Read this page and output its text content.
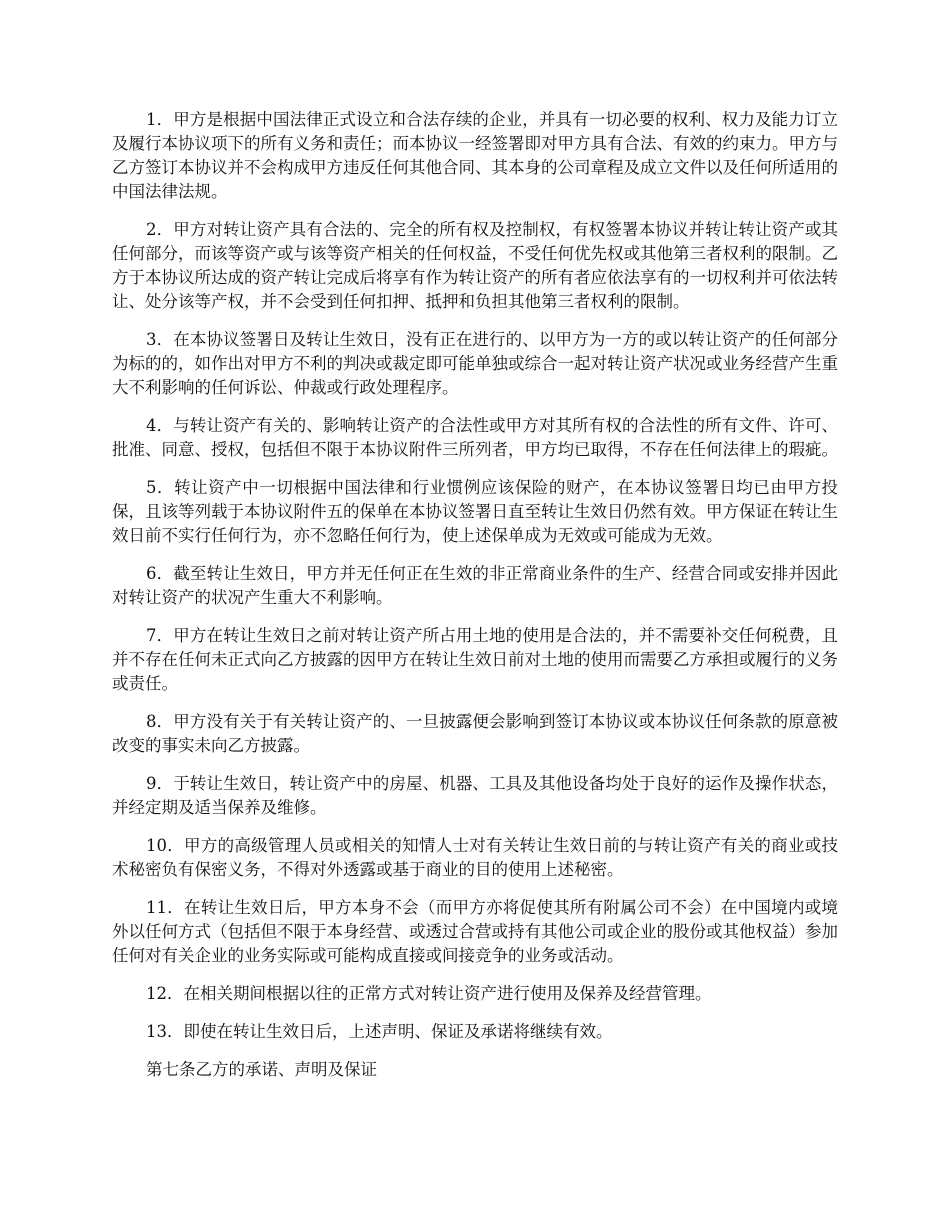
1．甲方是根据中国法律正式设立和合法存续的企业，并具有一切必要的权利、权力及能力订立及履行本协议项下的所有义务和责任；而本协议一经签署即对甲方具有合法、有效的约束力。甲方与乙方签订本协议并不会构成甲方违反任何其他合同、其本身的公司章程及成立文件以及任何所适用的中国法律法规。

2．甲方对转让资产具有合法的、完全的所有权及控制权，有权签署本协议并转让转让资产或其任何部分，而该等资产或与该等资产相关的任何权益，不受任何优先权或其他第三者权利的限制。乙方于本协议所达成的资产转让完成后将享有作为转让资产的所有者应依法享有的一切权利并可依法转让、处分该等产权，并不会受到任何扣押、抵押和负担其他第三者权利的限制。

3．在本协议签署日及转让生效日，没有正在进行的、以甲方为一方的或以转让资产的任何部分为标的的，如作出对甲方不利的判决或裁定即可能单独或综合一起对转让资产状况或业务经营产生重大不利影响的任何诉讼、仲裁或行政处理程序。

4．与转让资产有关的、影响转让资产的合法性或甲方对其所有权的合法性的所有文件、许可、批准、同意、授权，包括但不限于本协议附件三所列者，甲方均已取得，不存在任何法律上的瑕疵。

5．转让资产中一切根据中国法律和行业惯例应该保险的财产，在本协议签署日均已由甲方投保，且该等列载于本协议附件五的保单在本协议签署日直至转让生效日仍然有效。甲方保证在转让生效日前不实行任何行为，亦不忽略任何行为，使上述保单成为无效或可能成为无效。

6．截至转让生效日，甲方并无任何正在生效的非正常商业条件的生产、经营合同或安排并因此对转让资产的状况产生重大不利影响。

7．甲方在转让生效日之前对转让资产所占用土地的使用是合法的，并不需要补交任何税费，且并不存在任何未正式向乙方披露的因甲方在转让生效日前对土地的使用而需要乙方承担或履行的义务或责任。

8．甲方没有关于有关转让资产的、一旦披露便会影响到签订本协议或本协议任何条款的原意被改变的事实未向乙方披露。

9．于转让生效日，转让资产中的房屋、机器、工具及其他设备均处于良好的运作及操作状态，并经定期及适当保养及维修。

10．甲方的高级管理人员或相关的知情人士对有关转让生效日前的与转让资产有关的商业或技术秘密负有保密义务，不得对外透露或基于商业的目的使用上述秘密。

11．在转让生效日后，甲方本身不会（而甲方亦将促使其所有附属公司不会）在中国境内或境外以任何方式（包括但不限于本身经营、或透过合营或持有其他公司或企业的股份或其他权益）参加任何对有关企业的业务实际或可能构成直接或间接竞争的业务或活动。

12．在相关期间根据以往的正常方式对转让资产进行使用及保养及经营管理。

13．即使在转让生效日后，上述声明、保证及承诺将继续有效。

第七条乙方的承诺、声明及保证
